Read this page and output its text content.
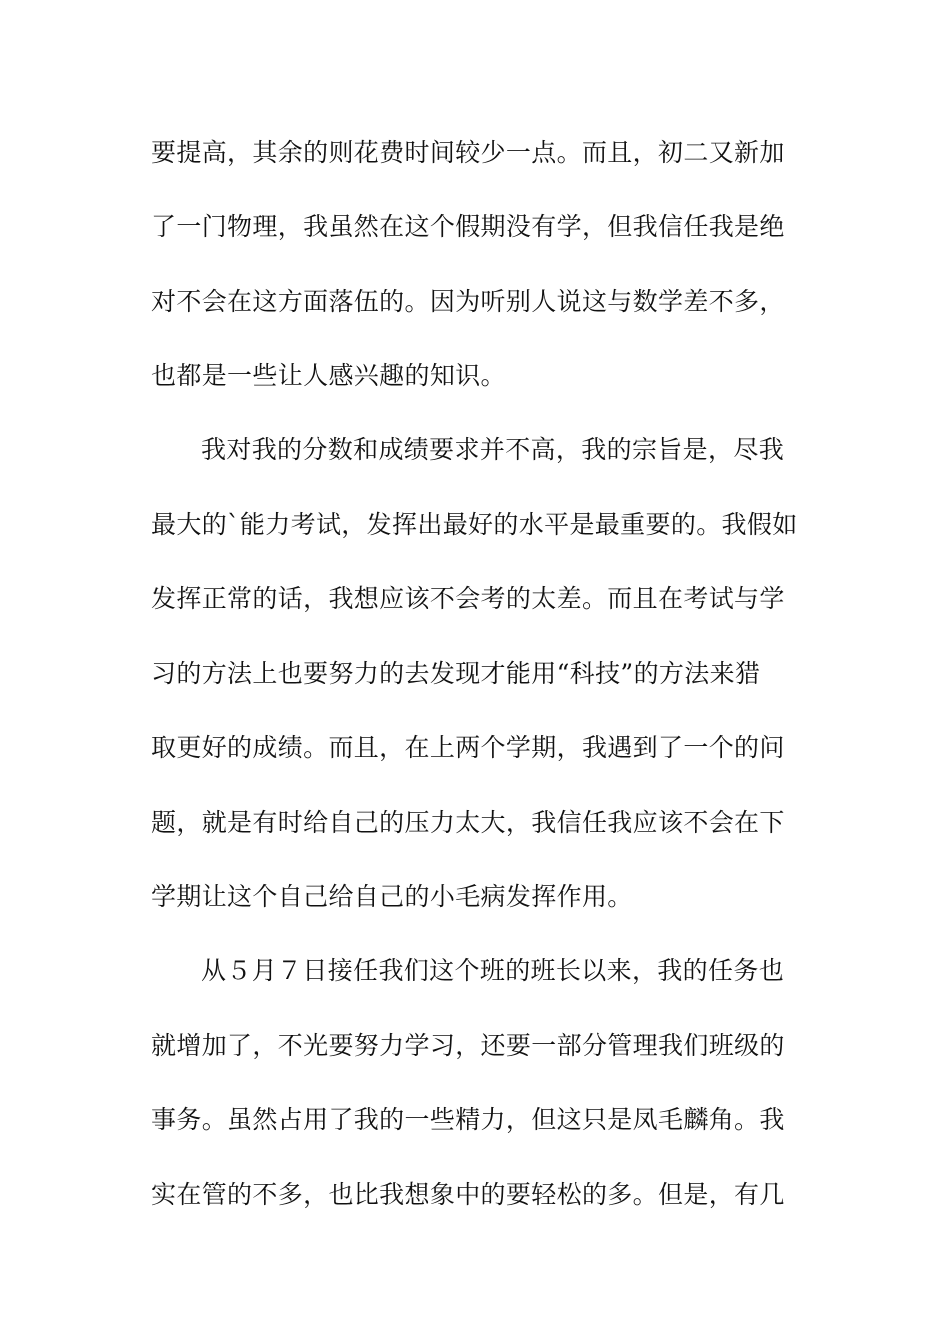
要提高，其余的则花费时间较少一点。而且，初二又新加
了一门物理，我虽然在这个假期没有学，但我信任我是绝
对不会在这方面落伍的。因为听别人说这与数学差不多，
也都是一些让人感兴趣的知识。
我对我的分数和成绩要求并不高，我的宗旨是，尽我
最大的`能力考试，发挥出最好的水平是最重要的。我假如
发挥正常的话，我想应该不会考的太差。而且在考试与学
习的方法上也要努力的去发现才能用“科技”的方法来猎
取更好的成绩。而且，在上两个学期，我遇到了一个的问
题，就是有时给自己的压力太大，我信任我应该不会在下
学期让这个自己给自己的小毛病发挥作用。
从５月７日接任我们这个班的班长以来，我的任务也
就增加了，不光要努力学习，还要一部分管理我们班级的
事务。虽然占用了我的一些精力，但这只是凤毛麟角。我
实在管的不多，也比我想象中的要轻松的多。但是，有几
